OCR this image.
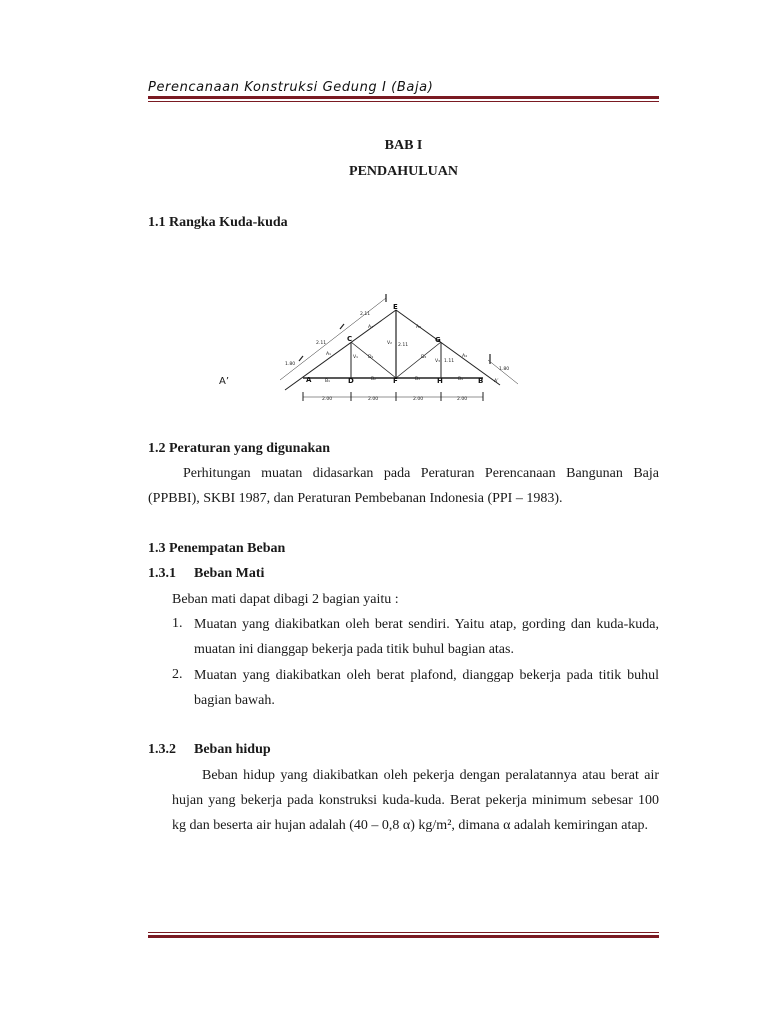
Perencanaan Konstruksi Gedung I (Baja)
BAB I
PENDAHULUAN
1.1 Rangka Kuda-kuda
A	D	F	H	B
C
E
G
A₁
A₂	A₃
A₄
B₁	B₂	B₃	B₄
D₁	D₂
V₁
V₂
V₃
A’
2.11
2.11
1.80
1.80
2.11
1.11
2.00	2.00	2.00	2.00
A’
1.2 Peraturan yang digunakan
Perhitungan muatan didasarkan pada Peraturan Perencanaan Bangunan Baja (PPBBI), SKBI 1987, dan Peraturan Pembebanan Indonesia (PPI – 1983).
1.3 Penempatan Beban
1.3.1 Beban Mati
Beban mati dapat dibagi 2 bagian yaitu :
1. Muatan yang diakibatkan oleh berat sendiri. Yaitu atap, gording dan kuda-kuda, muatan ini dianggap bekerja pada titik buhul bagian atas.
2. Muatan yang diakibatkan oleh berat plafond, dianggap bekerja pada titik buhul bagian bawah.
1.3.2 Beban hidup
Beban hidup yang diakibatkan oleh pekerja dengan peralatannya atau berat air hujan yang bekerja pada konstruksi kuda-kuda. Berat pekerja minimum sebesar 100 kg dan beserta air hujan adalah (40 – 0,8 α) kg/m², dimana α adalah kemiringan atap.
